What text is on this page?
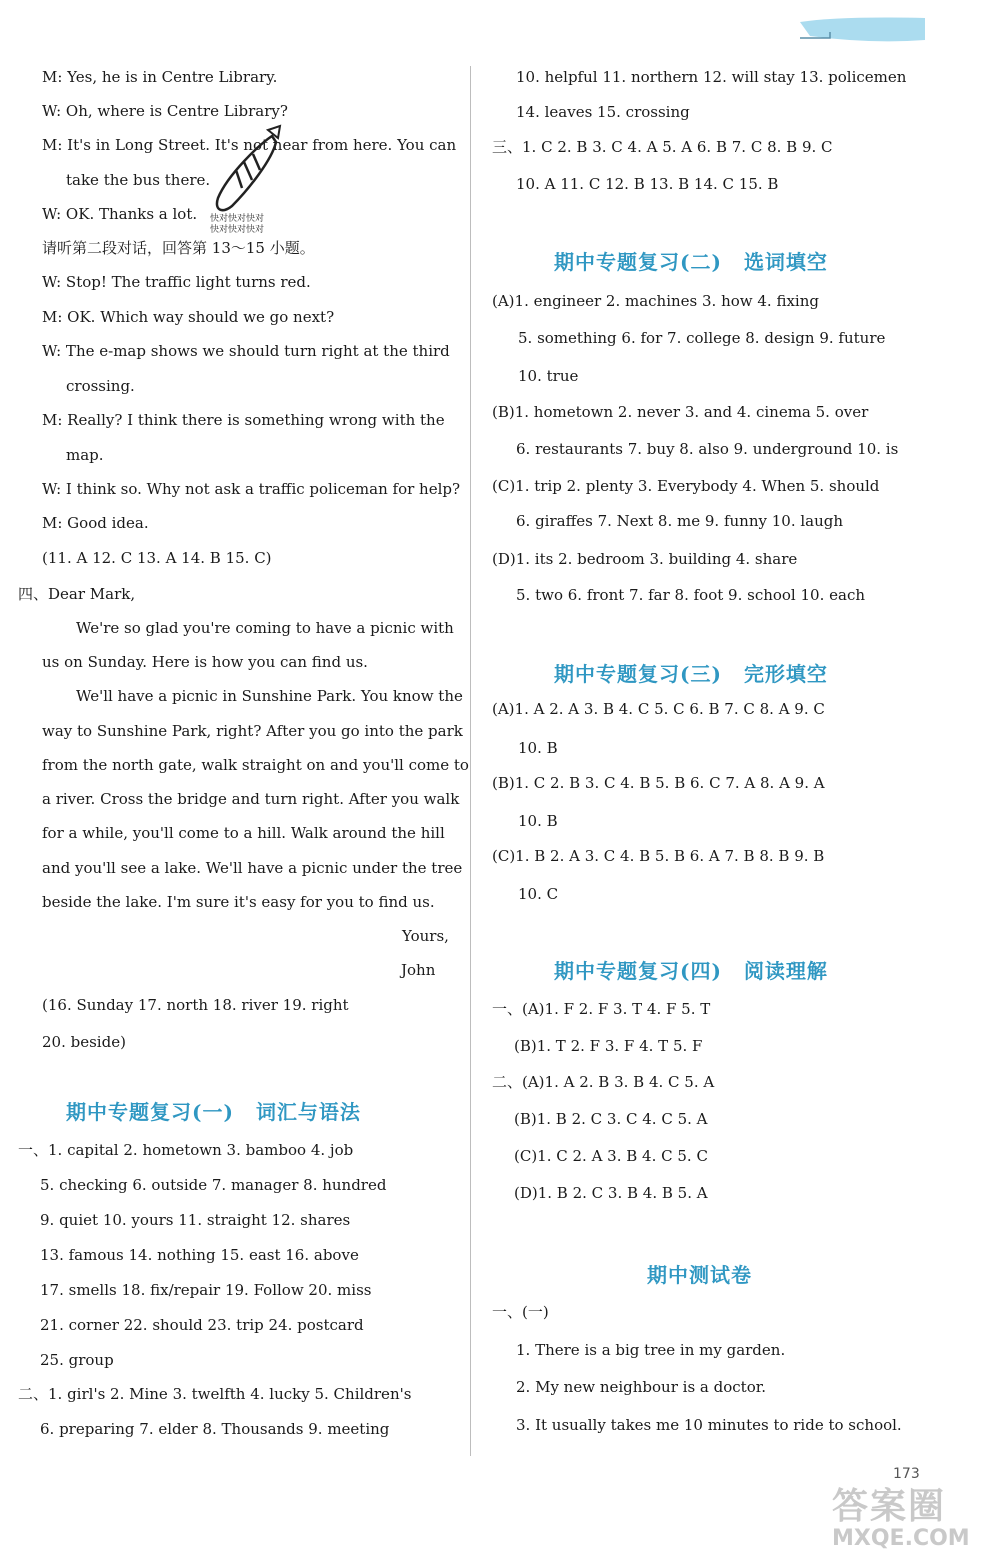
M: Yes, he is in Centre Library.
W: Oh, where is Centre Library?
M: It's in Long Street. It's not near from here. You can
take the bus there.
W: OK. Thanks a lot.
请听第二段对话，回答第 13～15 小题。
W: Stop! The traffic light turns red.
M: OK. Which way should we go next?
W: The e-map shows we should turn right at the third
crossing.
M: Really? I think there is something wrong with the
map.
W: I think so. Why not ask a traffic policeman for help?
M: Good idea.
(11. A 12. C 13. A 14. B 15. C)
快对快对快对
快对快对快对
四、Dear Mark,
We're so glad you're coming to have a picnic with
us on Sunday. Here is how you can find us.
We'll have a picnic in Sunshine Park. You know the
way to Sunshine Park, right? After you go into the park
from the north gate, walk straight on and you'll come to
a river. Cross the bridge and turn right. After you walk
for a while, you'll come to a hill. Walk around the hill
and you'll see a lake. We'll have a picnic under the tree
beside the lake. I'm sure it's easy for you to find us.
Yours,
John
(16. Sunday 17. north 18. river 19. right
20. beside)
期中专题复习(一) 词汇与语法
一、1. capital 2. hometown 3. bamboo 4. job
5. checking 6. outside 7. manager 8. hundred
9. quiet 10. yours 11. straight 12. shares
13. famous 14. nothing 15. east 16. above
17. smells 18. fix/repair 19. Follow 20. miss
21. corner 22. should 23. trip 24. postcard
25. group
二、1. girl's 2. Mine 3. twelfth 4. lucky 5. Children's
6. preparing 7. elder 8. Thousands 9. meeting
10. helpful 11. northern 12. will stay 13. policemen
14. leaves 15. crossing
三、1. C 2. B 3. C 4. A 5. A 6. B 7. C 8. B 9. C
10. A 11. C 12. B 13. B 14. C 15. B
期中专题复习(二) 选词填空
(A)1. engineer 2. machines 3. how 4. fixing
5. something 6. for 7. college 8. design 9. future
10. true
(B)1. hometown 2. never 3. and 4. cinema 5. over
6. restaurants 7. buy 8. also 9. underground 10. is
(C)1. trip 2. plenty 3. Everybody 4. When 5. should
6. giraffes 7. Next 8. me 9. funny 10. laugh
(D)1. its 2. bedroom 3. building 4. share
5. two 6. front 7. far 8. foot 9. school 10. each
期中专题复习(三) 完形填空
(A)1. A 2. A 3. B 4. C 5. C 6. B 7. C 8. A 9. C
10. B
(B)1. C 2. B 3. C 4. B 5. B 6. C 7. A 8. A 9. A
10. B
(C)1. B 2. A 3. C 4. B 5. B 6. A 7. B 8. B 9. B
10. C
期中专题复习(四) 阅读理解
一、(A)1. F 2. F 3. T 4. F 5. T
(B)1. T 2. F 3. F 4. T 5. F
二、(A)1. A 2. B 3. B 4. C 5. A
(B)1. B 2. C 3. C 4. C 5. A
(C)1. C 2. A 3. B 4. C 5. C
(D)1. B 2. C 3. B 4. B 5. A
期中测试卷
一、(一)
1. There is a big tree in my garden.
2. My new neighbour is a doctor.
3. It usually takes me 10 minutes to ride to school.
答案圈
MXQE.COM
173
